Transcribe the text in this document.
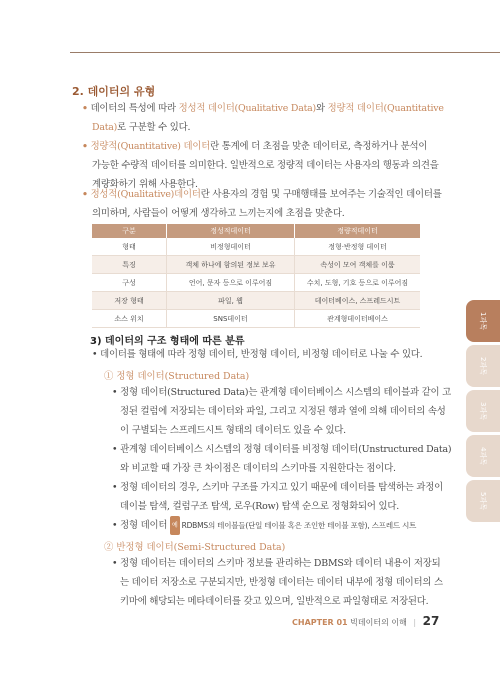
2. 데이터의 유형
• 데이터의 특성에 따라 정성적 데이터(Qualitative Data)와 정량적 데이터(Quantitative
Data)로 구분할 수 있다.
• 정량적(Quantitative) 데이터란 통계에 더 초점을 맞춘 데이터로, 측정하거나 분석이
가능한 수량적 데이터를 의미한다. 일반적으로 정량적 데이터는 사용자의 행동과 의견을
계량화하기 위해 사용한다.
• 정성적(Qualitative)데이터란 사용자의 경험 및 구매행태를 보여주는 기술적인 데이터를
의미하며, 사람들이 어떻게 생각하고 느끼는지에 초점을 맞춘다.
구분	정성적데이터	정량적데이터
형태	비정형데이터	정형·반정형 데이터
특징	객체 하나에 함의된 정보 보유	속성이 모여 객체를 이룸
구성	언어, 문자 등으로 이루어짐	수치, 도형, 기호 등으로 이루어짐
저장 형태	파일, 웹	데이터베이스, 스프레드시트
소스 위치	SNS데이터	관계형데이터베이스
3) 데이터의 구조 형태에 따른 분류
• 데이터를 형태에 따라 정형 데이터, 반정형 데이터, 비정형 데이터로 나눌 수 있다.
① 정형 데이터(Structured Data)
• 정형 데이터(Structured Data)는 관계형 데이터베이스 시스템의 테이블과 같이 고
정된 컬럼에 저장되는 데이터와 파일, 그리고 지정된 행과 열에 의해 데이터의 속성
이 구별되는 스프레드시트 형태의 데이터도 있을 수 있다.
• 관계형 데이터베이스 시스템의 정형 데이터를 비정형 데이터(Unstructured Data)
와 비교할 때 가장 큰 차이점은 데이터의 스키마를 지원한다는 점이다.
• 정형 데이터의 경우, 스키마 구조를 가지고 있기 때문에 데이터를 탐색하는 과정이
데이블 탐색, 컬럼구조 탐색, 로우(Row) 탐색 순으로 정형화되어 있다.
• 정형 데이터 예 RDBMS의 테이블들(단일 테이블 혹은 조인한 테이블 포함), 스프레드 시트
② 반정형 데이터(Semi-Structured Data)
• 정형 데이터는 데이터의 스키마 정보를 관리하는 DBMS와 데이터 내용이 저장되
는 데이터 저장소로 구분되지만, 반정형 데이터는 데이터 내부에 정형 데이터의 스
키마에 해당되는 메타데이터를 갖고 있으며, 일반적으로 파일형태로 저장된다.
1과목
2과목
3과목
4과목
5과목
CHAPTER 01 빅데이터의 이해 | 27
